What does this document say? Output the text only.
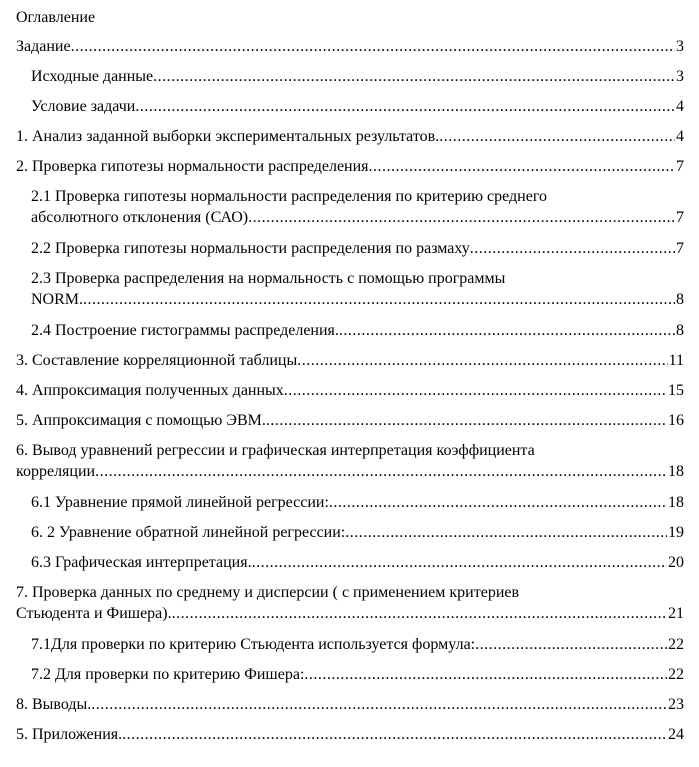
Оглавление
Задание .....	3
Исходные данные .....	3
Условие задачи .....	4
1. Анализ заданной выборки экспериментальных результатов. .....	4
2. Проверка гипотезы нормальности распределения .....	7
2.1 Проверка гипотезы нормальности распределения по критерию среднего
абсолютного отклонения (САО) .....	7
2.2 Проверка гипотезы нормальности распределения по размаху .....	7
2.3 Проверка распределения на нормальность с помощью программы
NORM. .....	8
2.4 Построение гистограммы распределения. .....	8
3. Составление корреляционной таблицы .....	11
4. Аппроксимация полученных данных .....	15
5. Аппроксимация с помощью ЭВМ. .....	16
6. Вывод уравнений регрессии и графическая интерпретация коэффициента
корреляции .....	18
6.1 Уравнение прямой линейной регрессии: .....	18
6. 2 Уравнение обратной линейной регрессии: .....	19
6.3 Графическая интерпретация. .....	20
7. Проверка данных по среднему и дисперсии ( с применением критериев
Стьюдента и Фишера). .....	21
7.1Для проверки по критерию Стьюдента используется формула: .....	22
7.2 Для проверки по критерию Фишера: .....	22
8. Выводы. .....	23
5. Приложения. .....	24
